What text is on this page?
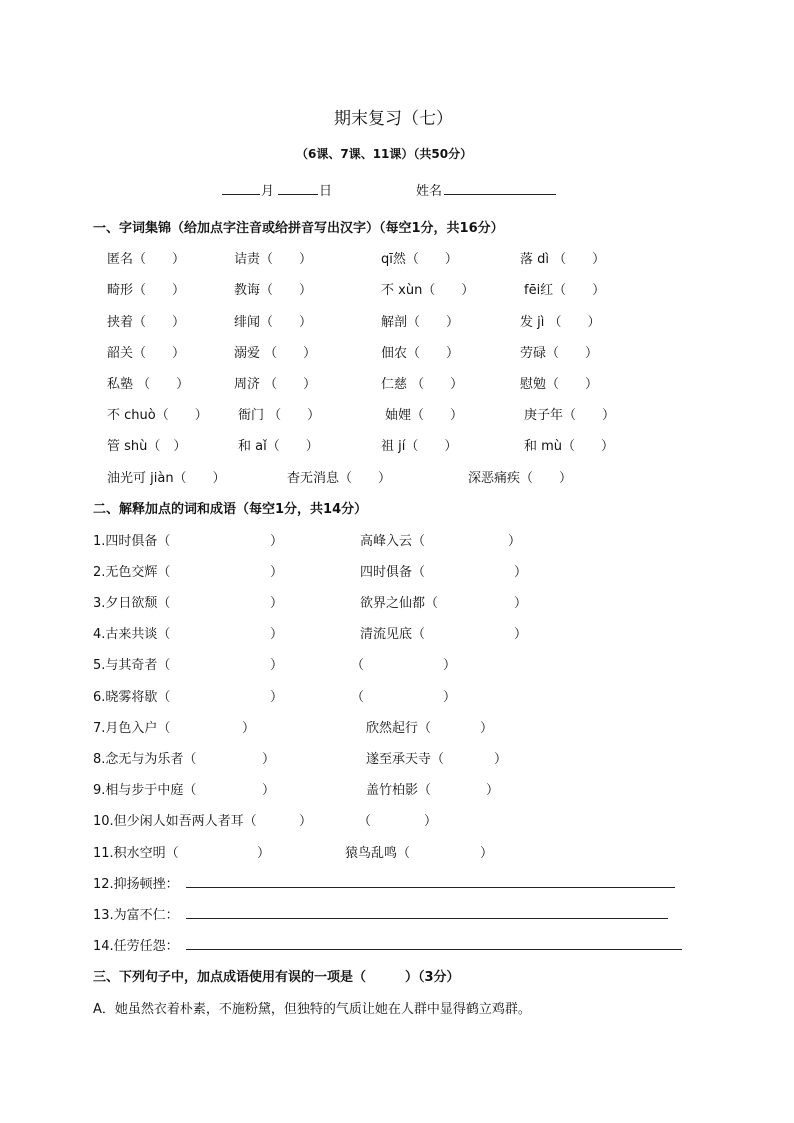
期末复习（七）
（6课、7课、11课）（共50分）
月	日	姓名
一、字词集锦（给加点字注音或给拼音写出汉字）（每空1分，共16分）
匿名（　　）	诘责（　　）	qī然（　　）	落 dì （　　）
畸形（　　）	教诲（　　）	不 xùn（　　）	fēi红（　　）
挟着（　　）	绯闻（　　）	解剖（　　）	发 jì （　　）
韶关（　　）	溺爱 （　　）	佃农（　　）	劳碌（　　）
私塾 （　　）	周济 （　　）	仁慈 （　　）	慰勉（　　）
不 chuò（　　） 衙门 （　　）	妯娌（　　）	庚子年（　　）
管 shù（　）	和 aǐ（　　）	祖 jí（　　）	和 mù（　　）
油光可 jiàn（　　）	杳无消息（　　）	深恶痛疾（　　）
二、解释加点的词和成语（每空1分，共14分）
1.四时俱备（	）	高峰入云（	）
2.无色交辉（	）	四时俱备（	）
3.夕日欲颓（	）	欲界之仙都（	）
4.古来共谈（	）	清流见底（	）
5.与其奇者（	）	（	）
6.晓雾将歇（	）	（	）
7.月色入户（	）	欣然起行（	）
8.念无与为乐者（	）	遂至承天寺（	）
9.相与步于中庭（	）	盖竹柏影（	）
10.但少闲人如吾两人者耳（	）	（	）
11.积水空明（	）	猿鸟乱鸣（	）
12.抑扬顿挫：
13.为富不仁：
14.任劳任怨：
三、下列句子中，加点成语使用有误的一项是（　　　）（3分）
A．她虽然衣着朴素，不施粉黛，但独特的气质让她在人群中显得鹤立鸡群。
